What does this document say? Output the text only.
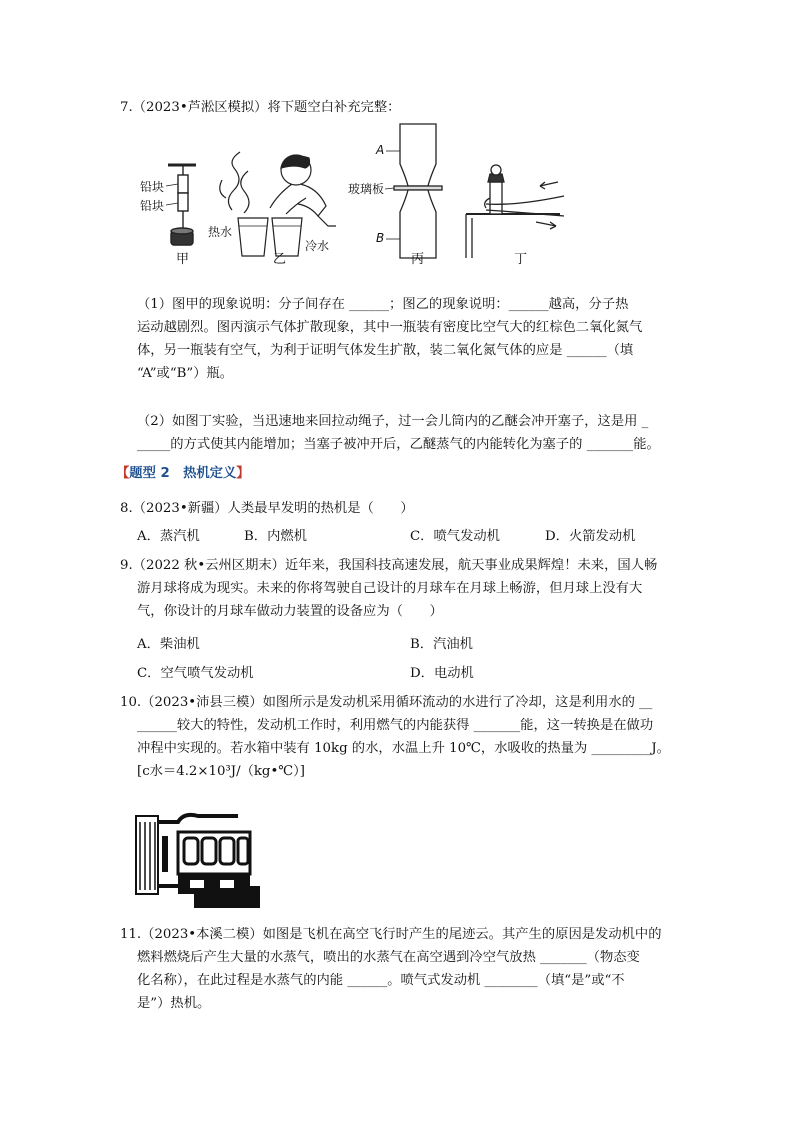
7.（2023•芦淞区模拟）将下题空白补充完整：
铅块
铅块
热水
冷水
A
B
玻璃板
甲	乙	丙	丁
（1）图甲的现象说明：分子间存在 ______；图乙的现象说明：______越高，分子热
运动越剧烈。图丙演示气体扩散现象，其中一瓶装有密度比空气大的红棕色二氧化氮气
体，另一瓶装有空气，为利于证明气体发生扩散，装二氧化氮气体的应是 ______（填
“A”或“B”）瓶。
（2）如图丁实验，当迅速地来回拉动绳子，过一会儿筒内的乙醚会冲开塞子，这是用 _
_____的方式使其内能增加；当塞子被冲开后，乙醚蒸气的内能转化为塞子的 _______能。
【题型 2　热机定义】
8.（2023•新疆）人类最早发明的热机是（　　）
A．蒸汽机	B．内燃机	C．喷气发动机	D．火箭发动机
9.（2022 秋•云州区期末）近年来，我国科技高速发展，航天事业成果辉煌！未来，国人畅
游月球将成为现实。未来的你将驾驶自己设计的月球车在月球上畅游，但月球上没有大
气，你设计的月球车做动力装置的设备应为（　　）
A．柴油机	B．汽油机
C．空气喷气发动机	D．电动机
10.（2023•沛县三模）如图所示是发动机采用循环流动的水进行了冷却，这是利用水的 __
______较大的特性，发动机工作时，利用燃气的内能获得 _______能，这一转换是在做功
冲程中实现的。若水箱中装有 10kg 的水，水温上升 10℃，水吸收的热量为 _________J。
[c水＝4.2×10³J/（kg•℃）]
11.（2023•本溪二模）如图是飞机在高空飞行时产生的尾迹云。其产生的原因是发动机中的
燃料燃烧后产生大量的水蒸气，喷出的水蒸气在高空遇到冷空气放热 _______（物态变
化名称），在此过程是水蒸气的内能 ______。喷气式发动机 ________（填“是”或“不
是”）热机。
